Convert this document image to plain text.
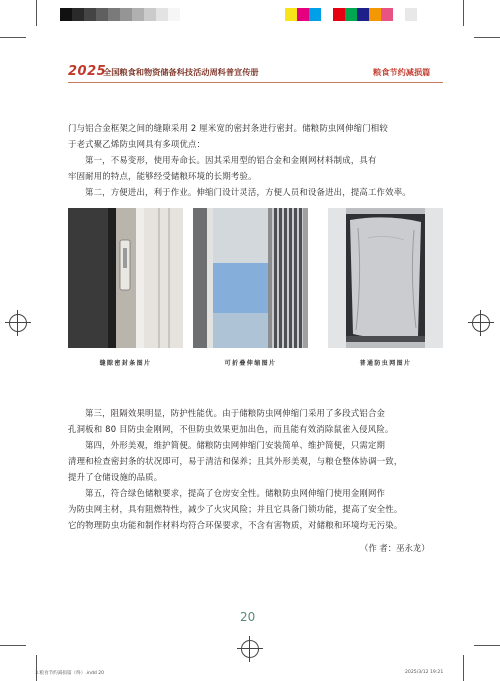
2025
全国粮食和物资储备科技活动周科普宣传册	粮食节约减损篇
门与铝合金框架之间的缝隙采用 2 厘米宽的密封条进行密封。储粮防虫网伸缩门相较
于老式聚乙烯防虫网具有多项优点：
第一，不易变形，使用寿命长。因其采用型的铝合金和金刚网材料制成，具有
牢固耐用的特点，能够经受储粮环境的长期考验。
第二，方便进出，利于作业。伸缩门设计灵活，方便人员和设备进出，提高工作效率。
缝隙密封条图片	可折叠伸缩图片	普通防虫网图片
第三，阻隔效果明显，防护性能优。由于储粮防虫网伸缩门采用了多段式铝合金
孔洞板和 80 目防虫金刚网，不但防虫效果更加出色，而且能有效消除鼠雀入侵风险。
第四，外形美观，维护简便。储粮防虫网伸缩门安装简单、维护简便，只需定期
清理和检查密封条的状况即可，易于清洁和保养；且其外形美观，与粮仓整体协调一致，
提升了仓储设施的品质。
第五，符合绿色储粮要求，提高了仓房安全性。储粮防虫网伸缩门使用金刚网作
为防虫网主材，具有阻燃特性，减少了火灾风险；并且它具备门锁功能，提高了安全性。
它的物理防虫功能和制作材料均符合环保要求，不含有害物质，对储粮和环境均无污染。
（作 者：巫永龙）
20
3.粮食节约减损篇（终）.indd 20	2025/3/12 19:21
